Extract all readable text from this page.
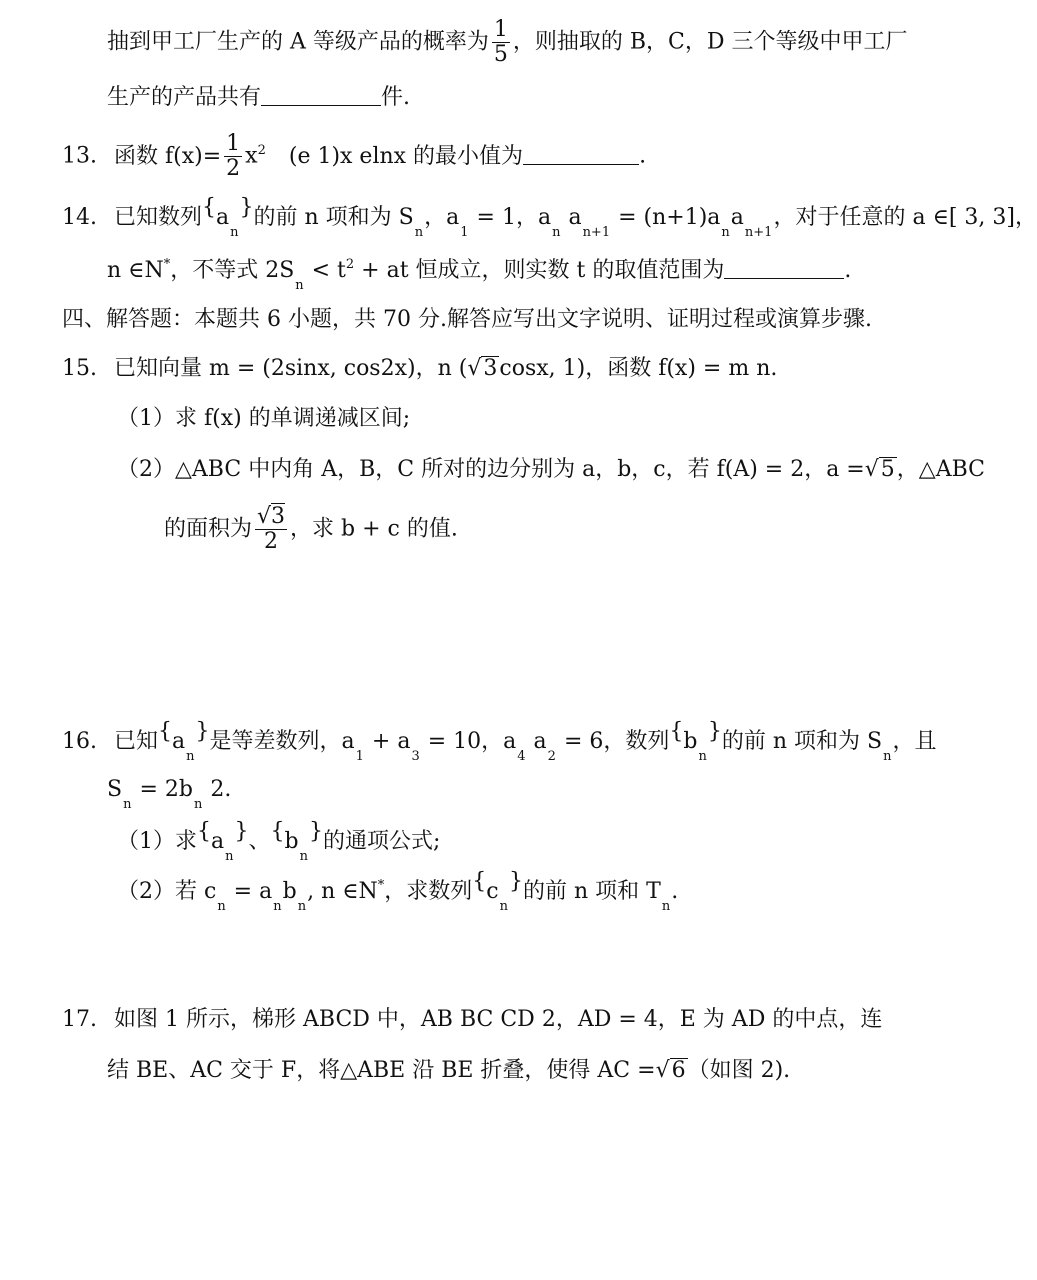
抽到甲工厂生产的 A 等级产品的概率为 $\frac{1}{5}$ ，则抽取的 B，C，D 三个等级中甲工厂
生产的产品共有	件.
13. 函数 $f(x)= \frac{1}{2} x^2$ (e 1)x elnx 的最小值为	.
14. 已知数列$\{a_n\}$的前 n 项和为 $S_n$，$a_1 = 1$，$a_n$ $a_{n+1} = (n+1)a_na_{n+1}$，对于任意的 a ∈[ 3, 3]，
n ∈N*，不等式 $2S_n < t^2$ + at 恒成立，则实数 t 的取值范围为	.
四、解答题：本题共 6 小题，共 70 分.解答应写出文字说明、证明过程或演算步骤.
15. 已知向量 m = (2sinx, cos2x)，n (√3cosx, 1)，函数 f(x) = m n.
（1）求 f(x) 的单调递减区间;
（2）△ABC 中内角 A，B，C 所对的边分别为 a，b，c，若 f(A) = 2，a =√5，△ABC
的面积为 $\frac{√3}{2}$ ，求 b + c 的值.
16. 已知$\{a_n\}$是等差数列，$a_1 + a_3 = 10$，$a_4$ $a_2 = 6$，数列$\{b_n\}$的前 n 项和为 $S_n$，且
$S_n = 2b_n$ 2.
（1）求$\{a_n\}$、$\{b_n\}$的通项公式;
（2）若 $c_n = a_nb_n$, n ∈N*，求数列$\{c_n\}$的前 n 项和 $T_n$.
17. 如图 1 所示，梯形 ABCD 中，AB BC CD 2，AD = 4，E 为 AD 的中点，连
结 BE、AC 交于 F，将△ABE 沿 BE 折叠，使得 AC =√6（如图 2).
